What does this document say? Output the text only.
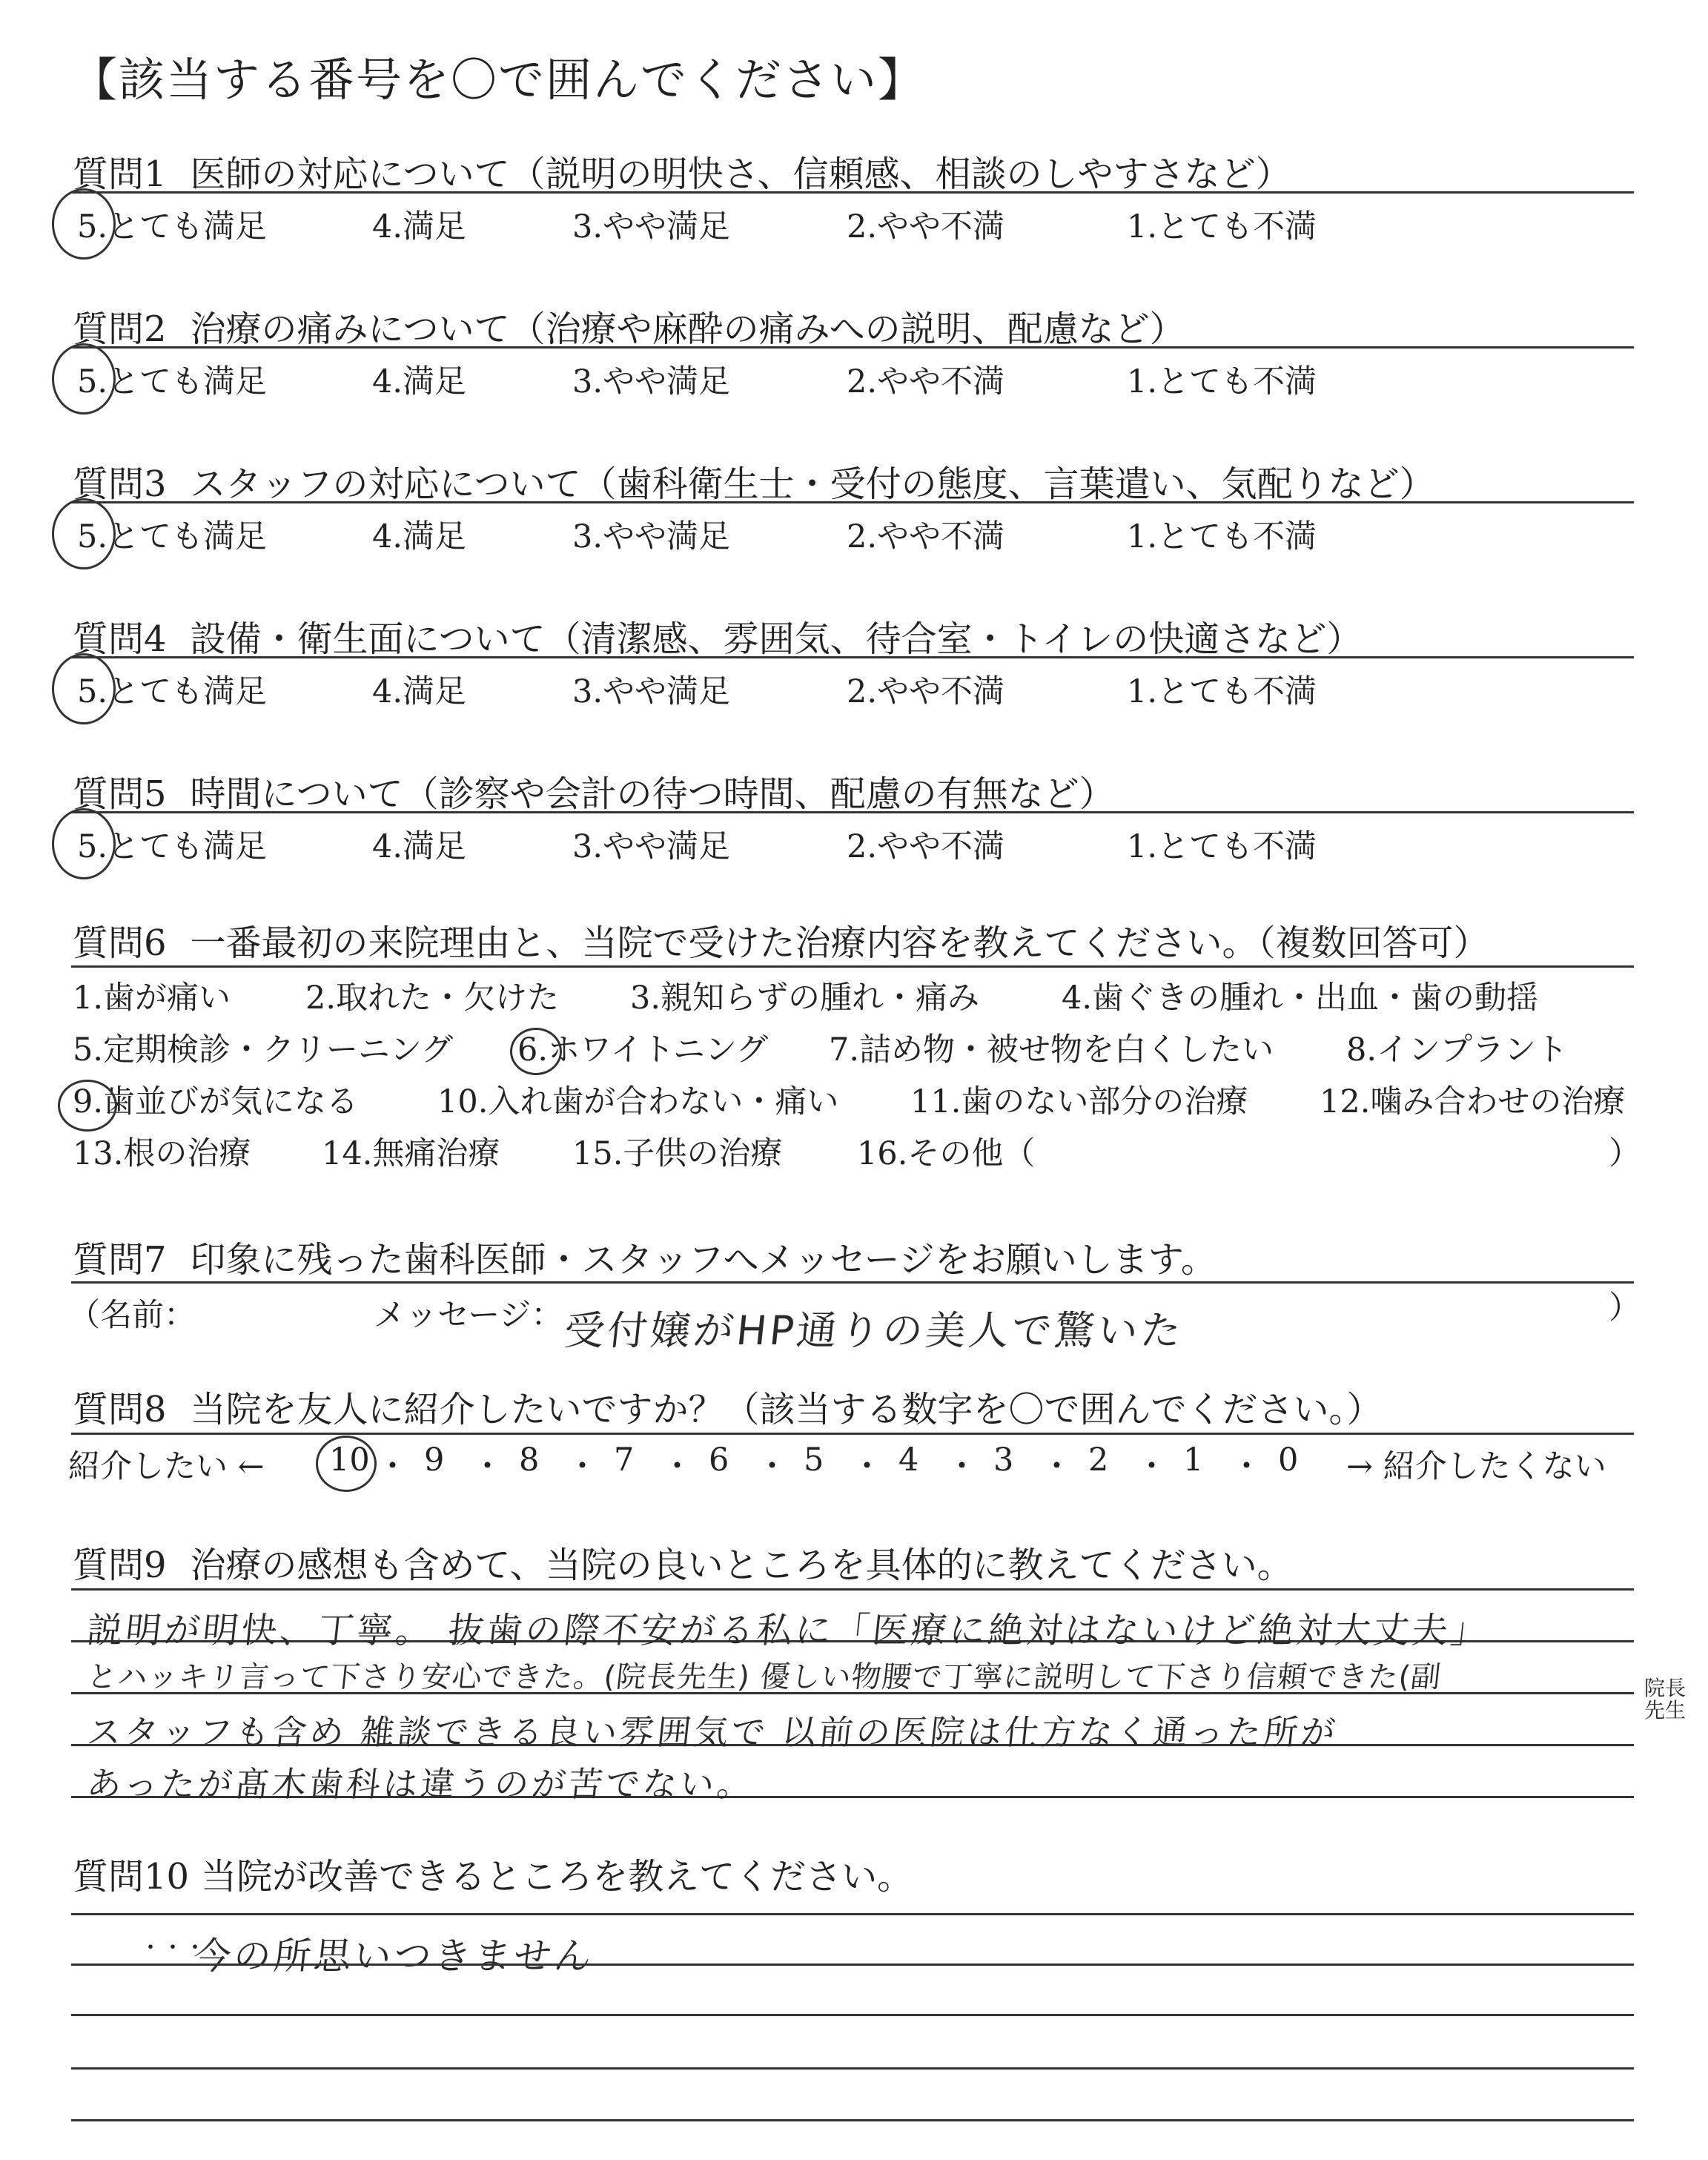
【該当する番号を〇で囲んでください】
質問1 医師の対応について（説明の明快さ、信頼感、相談のしやすさなど）
5.とても満足	4.満足	3.やや満足	2.やや不満	1.とても不満
質問2 治療の痛みについて（治療や麻酔の痛みへの説明、配慮など）
5.とても満足	4.満足	3.やや満足	2.やや不満	1.とても不満
質問3 スタッフの対応について（歯科衛生士・受付の態度、言葉遣い、気配りなど）
5.とても満足	4.満足	3.やや満足	2.やや不満	1.とても不満
質問4 設備・衛生面について（清潔感、雰囲気、待合室・トイレの快適さなど）
5.とても満足	4.満足	3.やや満足	2.やや不満	1.とても不満
質問5 時間について（診察や会計の待つ時間、配慮の有無など）
5.とても満足	4.満足	3.やや満足	2.やや不満	1.とても不満
質問6 一番最初の来院理由と、当院で受けた治療内容を教えてください。（複数回答可）
1.歯が痛い 2.取れた・欠けた 3.親知らずの腫れ・痛み	4.歯ぐきの腫れ・出血・歯の動揺
5.定期検診・クリーニング 6.ホワイトニング 7.詰め物・被せ物を白くしたい 8.インプラント
9.歯並びが気になる 10.入れ歯が合わない・痛い 11.歯のない部分の治療 12.噛み合わせの治療
13.根の治療 14.無痛治療 15.子供の治療 16.その他（	）
質問7 印象に残った歯科医師・スタッフへメッセージをお願いします。
（名前：	メッセージ：
受付嬢がHP通りの美人で驚いた	）
質問8 当院を友人に紹介したいですか？（該当する数字を〇で囲んでください。）
紹介したい ← 10 ・ 9 ・ 8 ・ 7 ・ 6 ・ 5 ・ 4 ・ 3 ・ 2 ・ 1 ・ 0 → 紹介したくない
質問9 治療の感想も含めて、当院の良いところを具体的に教えてください。
説明が明快、丁寧。 抜歯の際不安がる私に「医療に絶対はないけど絶対大丈夫」
とハッキリ言って下さり安心できた。(院長先生) 優しい物腰で丁寧に説明して下さり信頼できた(副
スタッフも含め 雑談できる良い雰囲気で 以前の医院は仕方なく通った所が
あったが髙木歯科は違うのが苦でない。
院長先生
質問10 当院が改善できるところを教えてください。
・・・
今の所思いつきません
